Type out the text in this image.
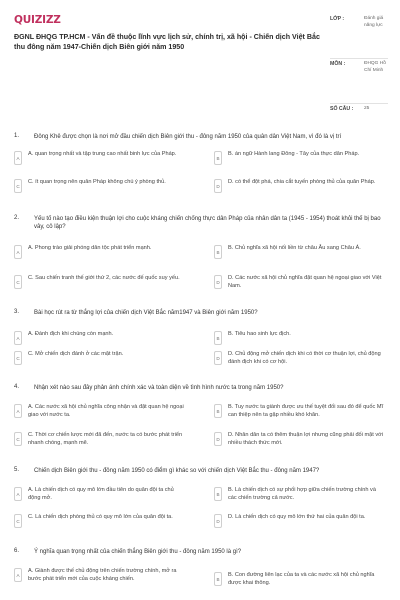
QUIZIZZ
ĐGNL ĐHQG TP.HCM - Vấn đề thuộc lĩnh vực lịch sử, chính trị, xã hội - Chiến dịch Việt Bắc thu đông năm 1947-Chiến dịch Biên giới năm 1950
LỚP :	Đánh giá năng lực
MÔN :	ĐHQG Hồ Chí Minh
SỐ CÂU : 25
1. Đông Khê được chọn là nơi mở đầu chiến dịch Biên giới thu - đông năm 1950 của quân dân Việt Nam, vì đó là vị trí
A
A. quan trọng nhất và tập trung cao nhất binh lực của Pháp.
B
B. án ngữ Hành lang Đông - Tây của thực dân Pháp.
C
C. ít quan trọng nên quân Pháp không chú ý phòng thủ.
D
D. có thể đột phá, chia cắt tuyến phòng thủ của quân Pháp.
2. Yếu tố nào tạo điều kiện thuận lợi cho cuộc kháng chiến chống thực dân Pháp của nhân dân ta (1945 - 1954) thoát khỏi thế bị bao vây, cô lập?
A
A. Phong trào giải phóng dân tộc phát triển mạnh.
B
B. Chủ nghĩa xã hội nối liền từ châu Âu sang Châu Á.
C
C. Sau chiến tranh thế giới thứ 2, các nước đế quốc suy yếu.
D
D. Các nước xã hội chủ nghĩa đặt quan hệ ngoại giao với Việt Nam.
3. Bài học rút ra từ thắng lợi của chiến dịch Việt Bắc năm1947 và Biên giới năm 1950?
A
A. Đánh địch khi chúng còn mạnh.
B
B. Tiêu hao sinh lực địch.
C
C. Mở chiến dịch đánh ở các mặt trận.
D
D. Chủ động mở chiến dịch khi có thời cơ thuận lợi, chủ động đánh địch khi có cơ hội.
4. Nhận xét nào sau đây phản ánh chính xác và toàn diện về tình hình nước ta trong năm 1950?
A
A. Các nước xã hội chủ nghĩa công nhận và đặt quan hệ ngoại giao với nước ta.
B
B. Tuy nước ta giành được ưu thế tuyệt đối sau đó để quốc Mĩ can thiệp nên ta gặp nhiều khó khăn.
C
C. Thời cơ chiến lược mới đã đến, nước ta có bước phát triển nhanh chóng, mạnh mẽ.
D
D. Nhân dân ta có thêm thuận lợi nhưng cũng phải đối mặt với nhiều thách thức mới.
5. Chiến dịch Biên giới thu - đông năm 1950 có điểm gì khác so với chiến dịch Việt Bắc thu - đông năm 1947?
A
A. Là chiến dịch có quy mô lớn đầu tiên do quân đội ta chủ động mở.
B
B. Là chiến dịch có sự phối hợp giữa chiến trường chính và các chiến trường cả nước.
C
C. Là chiến dịch phòng thủ có quy mô lớn của quân đội ta.
D
D. Là chiến dịch có quy mô lớn thứ hai của quân đội ta.
6. Ý nghĩa quan trọng nhất của chiến thắng Biên giới thu - đông năm 1950 là gì?
A
A. Giành được thế chủ động trên chiến trường chính, mở ra bước phát triển mới của cuộc kháng chiến.	B
B. Con đường liên lạc của ta và các nước xã hội chủ nghĩa được khai thông.
